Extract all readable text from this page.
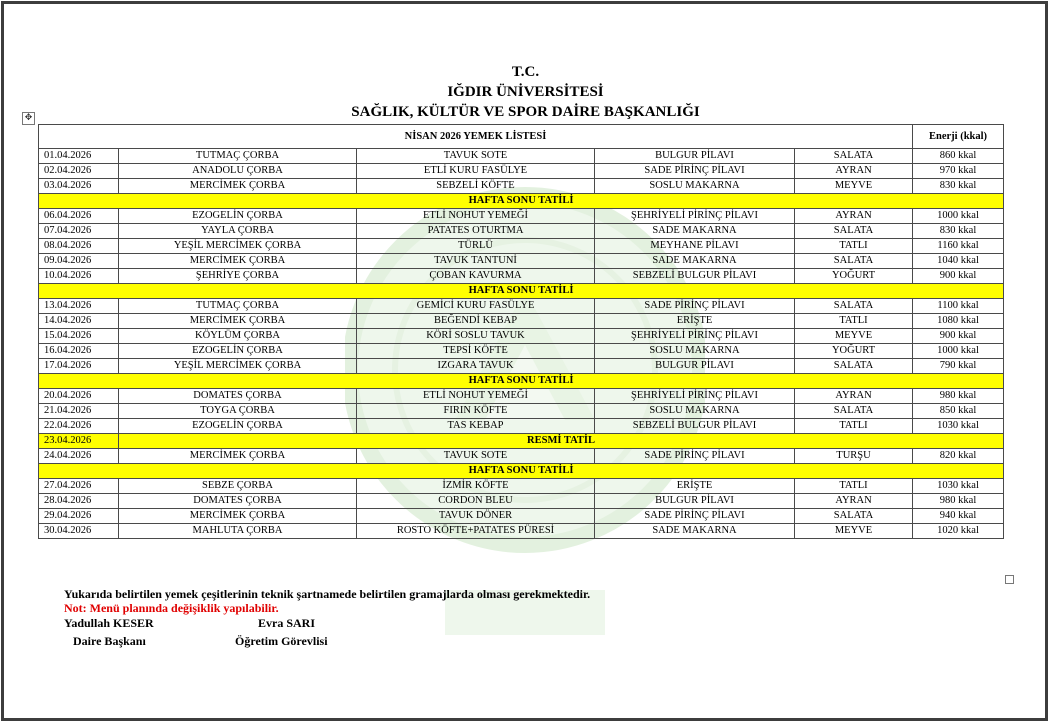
T.C.
IĞDIR ÜNİVERSİTESİ
SAĞLIK, KÜLTÜR VE SPOR DAİRE BAŞKANLIĞI
✥
NİSAN 2026 YEMEK LİSTESİ					Enerji (kkal)
01.04.2026	TUTMAÇ ÇORBA	TAVUK SOTE	BULGUR PİLAVI	SALATA	860 kkal
02.04.2026	ANADOLU ÇORBA	ETLİ KURU FASÜLYE	SADE PİRİNÇ PİLAVI	AYRAN	970 kkal
03.04.2026	MERCİMEK ÇORBA	SEBZELİ KÖFTE	SOSLU MAKARNA	MEYVE	830 kkal
HAFTA SONU TATİLİ					
06.04.2026	EZOGELİN ÇORBA	ETLİ NOHUT YEMEĞİ	ŞEHRİYELİ PİRİNÇ PİLAVI	AYRAN	1000 kkal
07.04.2026	YAYLA ÇORBA	PATATES OTURTMA	SADE MAKARNA	SALATA	830 kkal
08.04.2026	YEŞİL MERCİMEK ÇORBA	TÜRLÜ	MEYHANE PİLAVI	TATLI	1160 kkal
09.04.2026	MERCİMEK ÇORBA	TAVUK TANTUNİ	SADE MAKARNA	SALATA	1040 kkal
10.04.2026	ŞEHRİYE ÇORBA	ÇOBAN KAVURMA	SEBZELİ BULGUR PİLAVI	YOĞURT	900 kkal
HAFTA SONU TATİLİ					
13.04.2026	TUTMAÇ ÇORBA	GEMİCİ KURU FASÜLYE	SADE PİRİNÇ PİLAVI	SALATA	1100 kkal
14.04.2026	MERCİMEK ÇORBA	BEĞENDİ KEBAP	ERİŞTE	TATLI	1080 kkal
15.04.2026	KÖYLÜM ÇORBA	KÖRİ SOSLU TAVUK	ŞEHRİYELİ PİRİNÇ PİLAVI	MEYVE	900 kkal
16.04.2026	EZOGELİN ÇORBA	TEPSİ KÖFTE	SOSLU MAKARNA	YOĞURT	1000 kkal
17.04.2026	YEŞİL MERCİMEK ÇORBA	IZGARA TAVUK	BULGUR PİLAVI	SALATA	790 kkal
HAFTA SONU TATİLİ					
20.04.2026	DOMATES ÇORBA	ETLİ NOHUT YEMEĞİ	ŞEHRİYELİ PİRİNÇ PİLAVI	AYRAN	980 kkal
21.04.2026	TOYGA ÇORBA	FIRIN KÖFTE	SOSLU MAKARNA	SALATA	850 kkal
22.04.2026	EZOGELİN ÇORBA	TAS KEBAP	SEBZELİ BULGUR PİLAVI	TATLI	1030 kkal
23.04.2026	RESMİ TATİL				
24.04.2026	MERCİMEK ÇORBA	TAVUK SOTE	SADE PİRİNÇ PİLAVI	TURŞU	820 kkal
HAFTA SONU TATİLİ					
27.04.2026	SEBZE ÇORBA	İZMİR KÖFTE	ERİŞTE	TATLI	1030 kkal
28.04.2026	DOMATES ÇORBA	CORDON BLEU	BULGUR PİLAVI	AYRAN	980 kkal
29.04.2026	MERCİMEK ÇORBA	TAVUK DÖNER	SADE PİRİNÇ PİLAVI	SALATA	940 kkal
30.04.2026	MAHLUTA ÇORBA	ROSTO KÖFTE+PATATES PÜRESİ	SADE MAKARNA	MEYVE	1020 kkal
Yukarıda belirtilen yemek çeşitlerinin teknik şartnamede belirtilen gramajlarda olması gerekmektedir.
Not: Menü planında değişiklik yapılabilir.
Yadullah KESER	Evra SARI
Daire Başkanı	Öğretim Görevlisi
